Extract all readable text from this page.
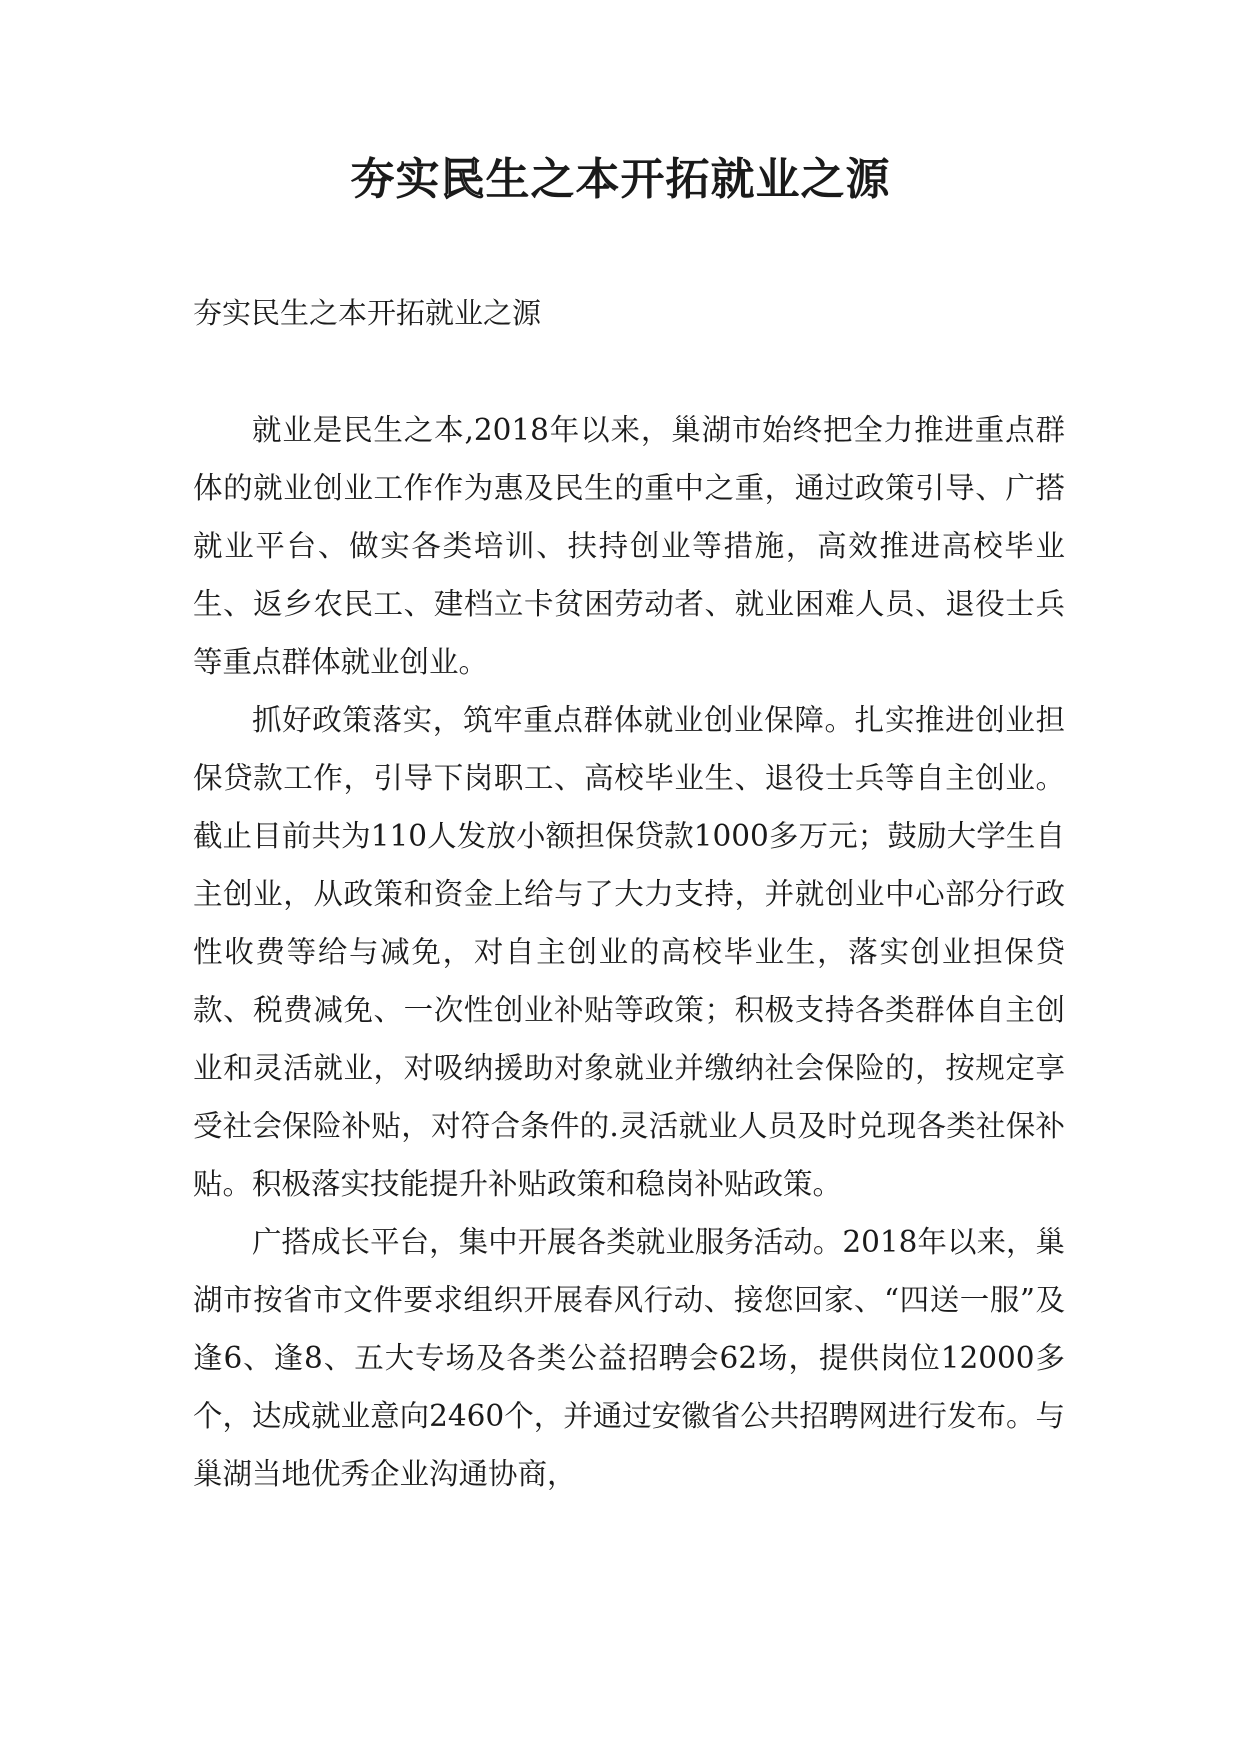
夯实民生之本开拓就业之源

夯实民生之本开拓就业之源

就业是民生之本,2018年以来，巢湖市始终把全力推进重点群体的就业创业工作作为惠及民生的重中之重，通过政策引导、广搭就业平台、做实各类培训、扶持创业等措施，高效推进高校毕业生、返乡农民工、建档立卡贫困劳动者、就业困难人员、退役士兵等重点群体就业创业。

抓好政策落实，筑牢重点群体就业创业保障。扎实推进创业担保贷款工作，引导下岗职工、高校毕业生、退役士兵等自主创业。截止目前共为110人发放小额担保贷款1000多万元；鼓励大学生自主创业，从政策和资金上给与了大力支持，并就创业中心部分行政性收费等给与减免，对自主创业的高校毕业生，落实创业担保贷款、税费减免、一次性创业补贴等政策；积极支持各类群体自主创业和灵活就业，对吸纳援助对象就业并缴纳社会保险的，按规定享受社会保险补贴，对符合条件的.灵活就业人员及时兑现各类社保补贴。积极落实技能提升补贴政策和稳岗补贴政策。

广搭成长平台，集中开展各类就业服务活动。2018年以来，巢湖市按省市文件要求组织开展春风行动、接您回家、“四送一服”及逢6、逢8、五大专场及各类公益招聘会62场，提供岗位12000多个，达成就业意向2460个，并通过安徽省公共招聘网进行发布。与巢湖当地优秀企业沟通协商，
